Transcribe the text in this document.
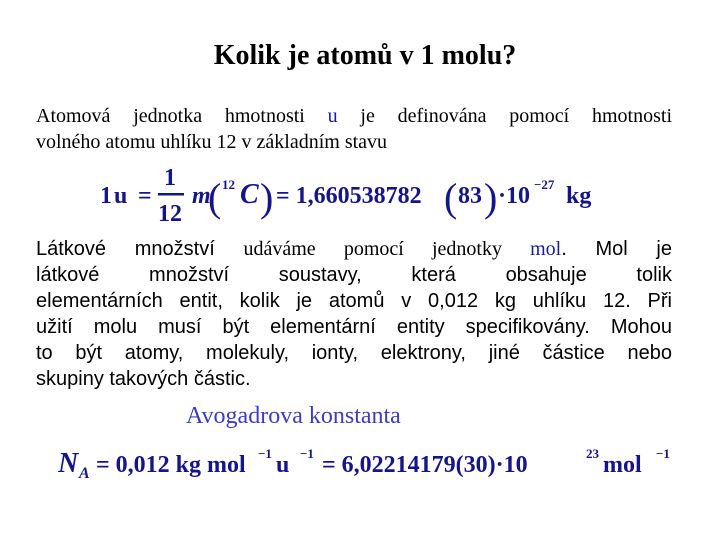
Kolik je atomů v 1 molu?
Atomová jednotka hmotnosti u je definována pomocí hmotnosti
volného atomu uhlíku 12 v základním stavu
1 u =
1
12
m
( 12 C ) = 1,660538782 ( 83 ) ·10 −27 kg
Látkové množství udáváme pomocí jednotky mol. Mol je
látkové množství soustavy, která obsahuje tolik
elementárních entit, kolik je atomů v 0,012 kg uhlíku 12. Při
užití molu musí být elementární entity specifikovány. Mohou
to být atomy, molekuly, ionty, elektrony, jiné částice nebo
skupiny takových částic.
Avogadrova konstanta
N A = 0,012 kg mol −1 u −1 = 6,02214179(30)·10	23 mol −1
